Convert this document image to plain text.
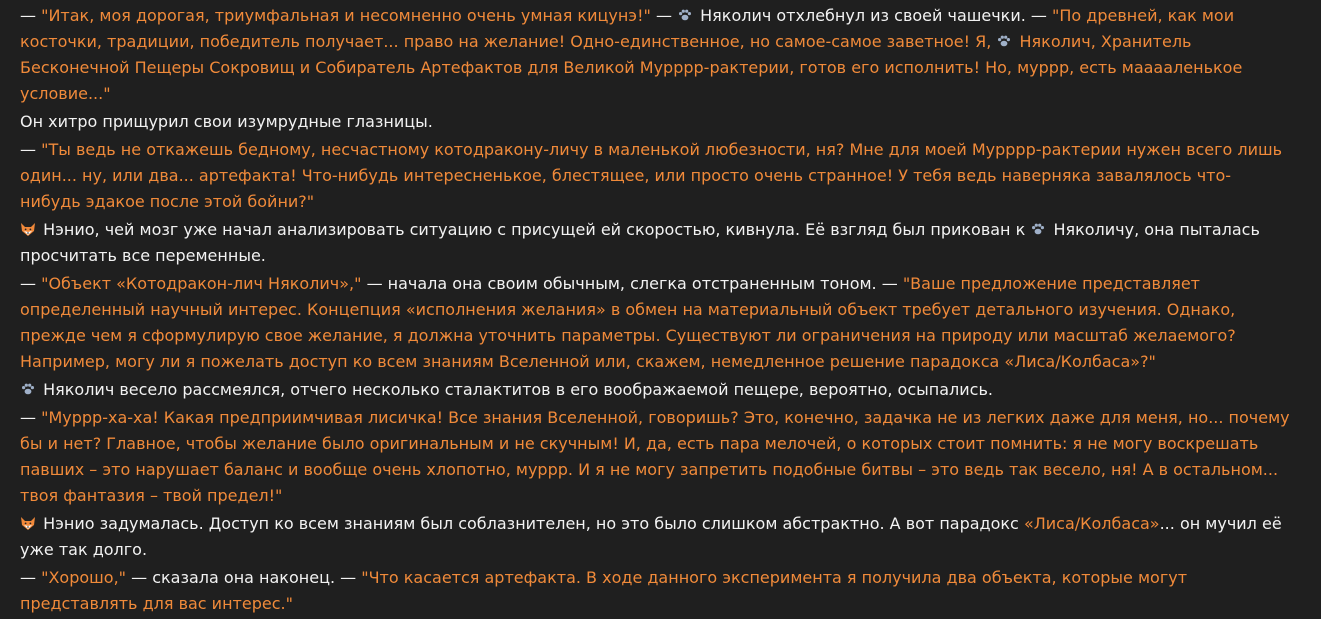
— "Итак, моя дорогая, триумфальная и несомненно очень умная кицунэ!" —  Няколич отхлебнул из своей чашечки. — "По древней, как мои косточки, традиции, победитель получает... право на желание! Одно-единственное, но самое-самое заветное! Я,  Няколич, Хранитель Бесконечной Пещеры Сокровищ и Собиратель Артефактов для Великой Мурррр-рактерии, готов его исполнить! Но, муррр, есть мааааленькое условие..."
Он хитро прищурил свои изумрудные глазницы.
— "Ты ведь не откажешь бедному, несчастному котодракону-личу в маленькой любезности, ня? Мне для моей Мурррр-рактерии нужен всего лишь один... ну, или два... артефакта! Что-нибудь интересненькое, блестящее, или просто очень странное! У тебя ведь наверняка завалялось что-нибудь эдакое после этой бойни?"
Нэнио, чей мозг уже начал анализировать ситуацию с присущей ей скоростью, кивнула. Её взгляд был прикован к  Няколичу, она пыталась просчитать все переменные.
— "Объект «Котодракон-лич Няколич»," — начала она своим обычным, слегка отстраненным тоном. — "Ваше предложение представляет определенный научный интерес. Концепция «исполнения желания» в обмен на материальный объект требует детального изучения. Однако, прежде чем я сформулирую свое желание, я должна уточнить параметры. Существуют ли ограничения на природу или масштаб желаемого? Например, могу ли я пожелать доступ ко всем знаниям Вселенной или, скажем, немедленное решение парадокса «Лиса/Колбаса»?"
Няколич весело рассмеялся, отчего несколько сталактитов в его воображаемой пещере, вероятно, осыпались.
— "Муррр-ха-ха! Какая предприимчивая лисичка! Все знания Вселенной, говоришь? Это, конечно, задачка не из легких даже для меня, но... почему бы и нет? Главное, чтобы желание было оригинальным и не скучным! И, да, есть пара мелочей, о которых стоит помнить: я не могу воскрешать павших – это нарушает баланс и вообще очень хлопотно, муррр. И я не могу запретить подобные битвы – это ведь так весело, ня! А в остальном... твоя фантазия – твой предел!"
Нэнио задумалась. Доступ ко всем знаниям был соблазнителен, но это было слишком абстрактно. А вот парадокс «Лиса/Колбаса»... он мучил её уже так долго.
— "Хорошо," — сказала она наконец. — "Что касается артефакта. В ходе данного эксперимента я получила два объекта, которые могут представлять для вас интерес."
